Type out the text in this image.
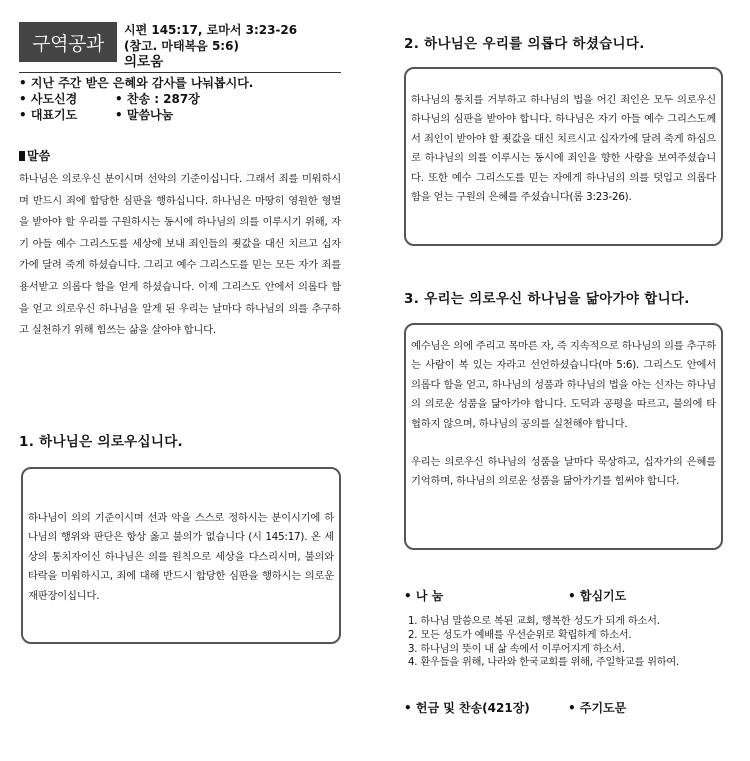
구역공과
시편 145:17, 로마서 3:23-26
(참고. 마태복음 5:6)
의로움
• 지난 주간 받은 은혜와 감사를 나눠봅시다.
• 사도신경	• 찬송 : 287장
• 대표기도	• 말씀나눔
말씀

하나님은 의로우신 분이시며 선악의 기준이십니다. 그래서 죄를 미워하시며 반드시 죄에 합당한 심판을 행하십니다. 하나님은 마땅히 영원한 형벌을 받아야 할 우리를 구원하시는 동시에 하나님의 의를 이루시기 위해, 자기 아들 예수 그리스도를 세상에 보내 죄인들의 죗값을 대신 치르고 십자가에 달려 죽게 하셨습니다. 그리고 예수 그리스도를 믿는 모든 자가 죄를 용서받고 의롭다 함을 얻게 하셨습니다. 이제 그리스도 안에서 의롭다 함을 얻고 의로우신 하나님을 알게 된 우리는 날마다 하나님의 의를 추구하고 실천하기 위해 힘쓰는 삶을 살아야 합니다.

1. 하나님은 의로우십니다.

하나님이 의의 기준이시며 선과 악을 스스로 정하시는 분이시기에 하나님의 행위와 판단은 항상 옳고 불의가 없습니다 (시 145:17). 온 세상의 통치자이신 하나님은 의를 원칙으로 세상을 다스리시며, 불의와 타락을 미워하시고, 죄에 대해 반드시 합당한 심판을 행하시는 의로운 재판장이십니다.

2. 하나님은 우리를 의롭다 하셨습니다.

하나님의 통치를 거부하고 하나님의 법을 어긴 죄인은 모두 의로우신 하나님의 심판을 받아야 합니다. 하나님은 자기 아들 예수 그리스도께서 죄인이 받아야 할 죗값을 대신 치르시고 십자가에 달려 죽게 하심으로 하나님의 의를 이루시는 동시에 죄인을 향한 사랑을 보여주셨습니다. 또한 예수 그리스도를 믿는 자에게 하나님의 의를 덧입고 의롭다 함을 얻는 구원의 은혜를 주셨습니다(롬 3:23-26).

3. 우리는 의로우신 하나님을 닮아가야 합니다.

예수님은 의에 주리고 목마른 자, 즉 지속적으로 하나님의 의를 추구하는 사람이 복 있는 자라고 선언하셨습니다(마 5:6). 그리스도 안에서 의롭다 함을 얻고, 하나님의 성품과 하나님의 법을 아는 신자는 하나님의 의로운 성품을 닮아가야 합니다. 도덕과 공평을 따르고, 불의에 타협하지 않으며, 하나님의 공의를 실천해야 합니다.

우리는 의로우신 하나님의 성품을 날마다 묵상하고, 십자가의 은혜를 기억하며, 하나님의 의로운 성품을 닮아가기를 힘써야 합니다.

• 나 눔	• 합심기도
1. 하나님 말씀으로 복된 교회, 행복한 성도가 되게 하소서.
2. 모든 성도가 예배를 우선순위로 확립하게 하소서.
3. 하나님의 뜻이 내 삶 속에서 이루어지게 하소서.
4. 환우들을 위해, 나라와 한국교회를 위해, 주일학교를 위하여.
• 헌금 및 찬송(421장)	• 주기도문
